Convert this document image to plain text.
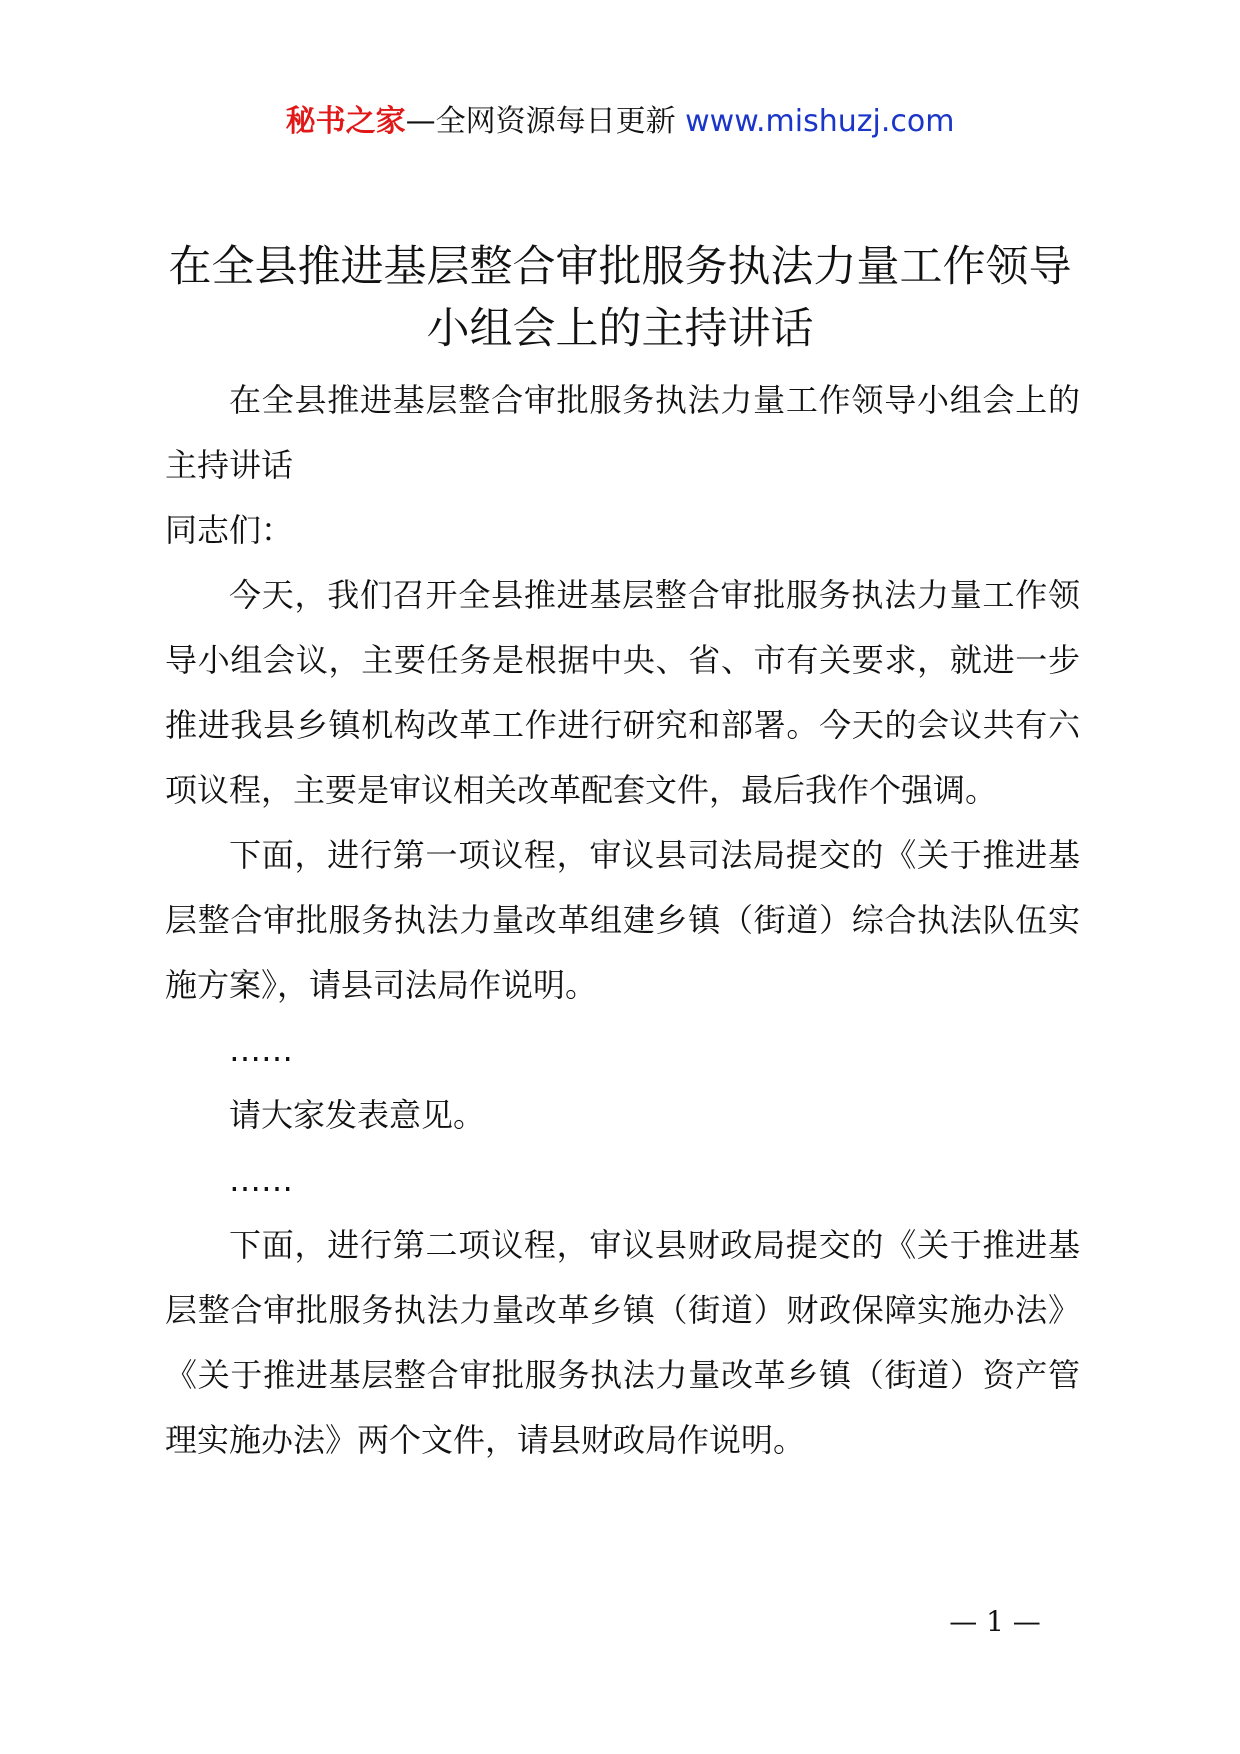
秘书之家—全网资源每日更新 www.mishuzj.com
在全县推进基层整合审批服务执法力量工作领导小组会上的主持讲话

在全县推进基层整合审批服务执法力量工作领导小组会上的主持讲话

同志们：

今天，我们召开全县推进基层整合审批服务执法力量工作领导小组会议，主要任务是根据中央、省、市有关要求，就进一步推进我县乡镇机构改革工作进行研究和部署。今天的会议共有六项议程，主要是审议相关改革配套文件，最后我作个强调。

下面，进行第一项议程，审议县司法局提交的《关于推进基层整合审批服务执法力量改革组建乡镇（街道）综合执法队伍实施方案》，请县司法局作说明。

……

请大家发表意见。

……

下面，进行第二项议程，审议县财政局提交的《关于推进基层整合审批服务执法力量改革乡镇（街道）财政保障实施办法》《关于推进基层整合审批服务执法力量改革乡镇（街道）资产管理实施办法》两个文件，请县财政局作说明。

— 1 —
